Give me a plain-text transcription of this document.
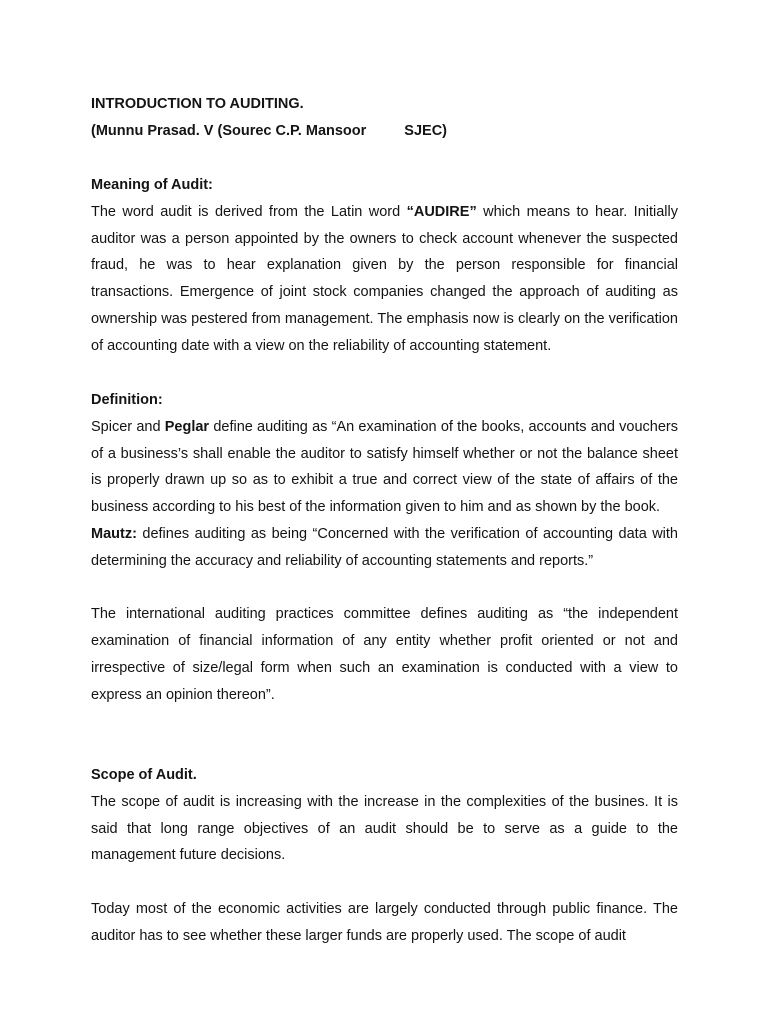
INTRODUCTION TO AUDITING.

(Munnu Prasad. V (Sourec C.P. Mansoor	SJEC)

Meaning of Audit:

The word audit is derived from the Latin word “AUDIRE” which means to hear. Initially auditor was a person appointed by the owners to check account whenever the suspected fraud, he was to hear explanation given by the person responsible for financial transactions. Emergence of joint stock companies changed the approach of auditing as ownership was pestered from management. The emphasis now is clearly on the verification of accounting date with a view on the reliability of accounting statement.

Definition:

Spicer and Peglar define auditing as “An examination of the books, accounts and vouchers of a business’s shall enable the auditor to satisfy himself whether or not the balance sheet is properly drawn up so as to exhibit a true and correct view of the state of affairs of the business according to his best of the information given to him and as shown by the book.

Mautz: defines auditing as being “Concerned with the verification of accounting data with determining the accuracy and reliability of accounting statements and reports.”

The international auditing practices committee defines auditing as “the independent examination of financial information of any entity whether profit oriented or not and irrespective of size/legal form when such an examination is conducted with a view to express an opinion thereon”.

Scope of Audit.

The scope of audit is increasing with the increase in the complexities of the busines. It is said that long range objectives of an audit should be to serve as a guide to the management future decisions.

Today most of the economic activities are largely conducted through public finance. The auditor has to see whether these larger funds are properly used. The scope of audit
